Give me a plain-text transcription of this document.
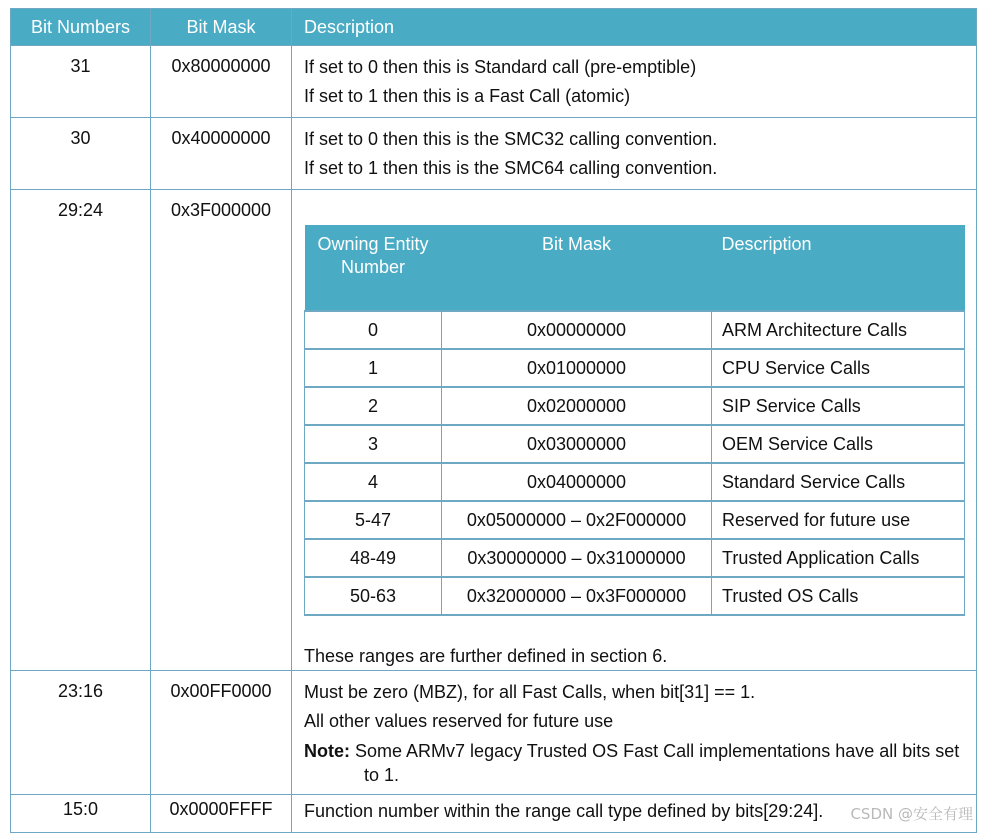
Bit Numbers	Bit Mask	Description
31	0x80000000	If set to 0 then this is Standard call (pre-emptible)
If set to 1 then this is a Fast Call (atomic)

30	0x40000000	If set to 0 then this is the SMC32 calling convention.
If set to 1 then this is the SMC64 calling convention.

29:24	0x3F000000	
Owning Entity Number	Bit Mask	Description
0	0x00000000	ARM Architecture Calls
1	0x01000000	CPU Service Calls
2	0x02000000	SIP Service Calls
3	0x03000000	OEM Service Calls
4	0x04000000	Standard Service Calls
5-47	0x05000000 – 0x2F000000	Reserved for future use
48-49	0x30000000 – 0x31000000	Trusted Application Calls
50-63	0x32000000 – 0x3F000000	Trusted OS Calls
These ranges are further defined in section 6.

23:16	0x00FF0000	Must be zero (MBZ), for all Fast Calls, when bit[31] == 1.
All other values reserved for future use
Note: Some ARMv7 legacy Trusted OS Fast Call implementations have all bits set to 1.

15:0	0x0000FFFF	Function number within the range call type defined by bits[29:24].	CSDN @安全有理
